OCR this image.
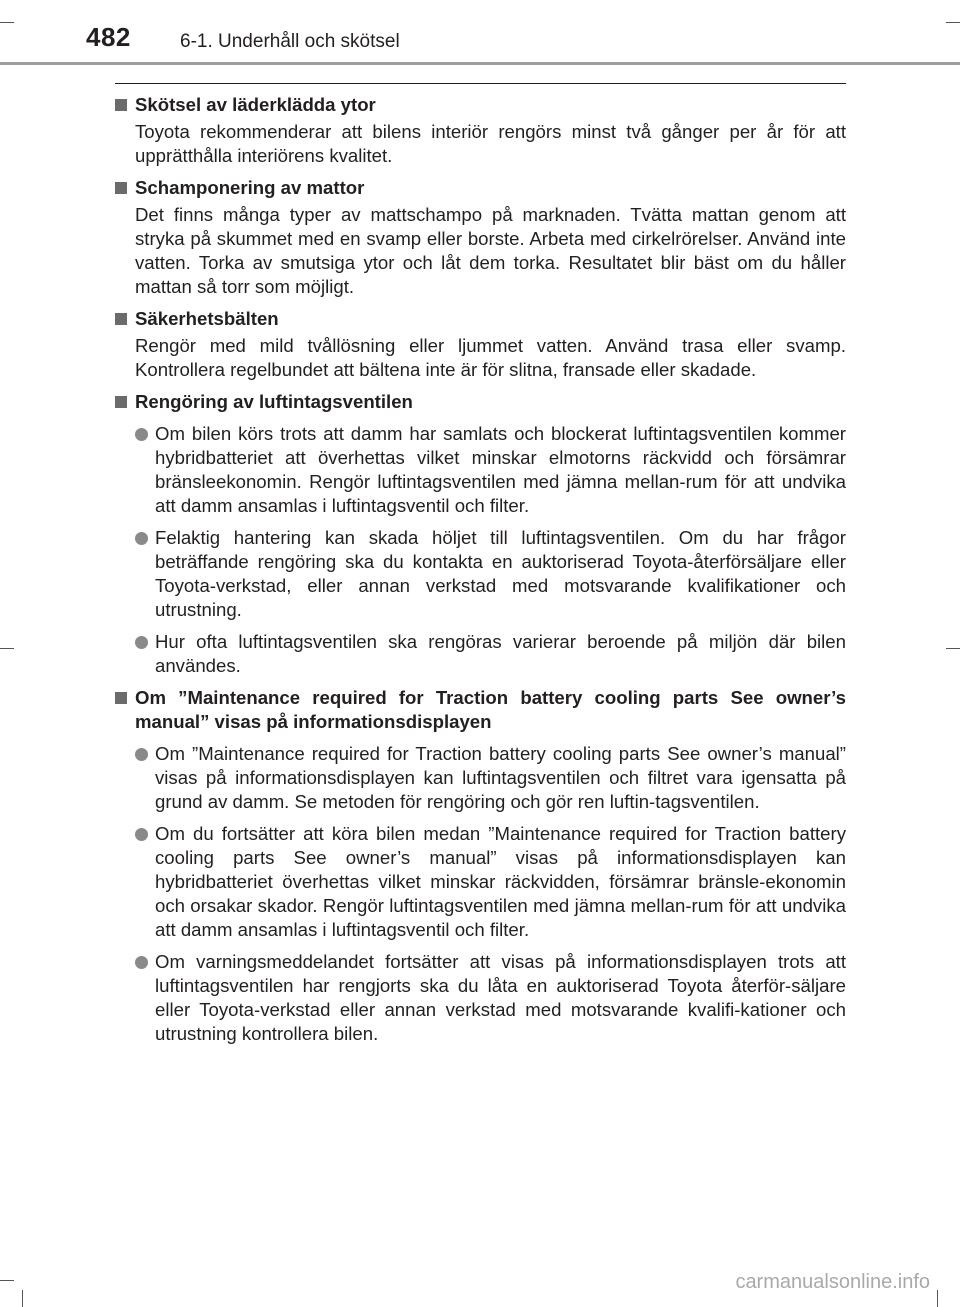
482	6-1. Underhåll och skötsel
Skötsel av läderklädda ytor
Toyota rekommenderar att bilens interiör rengörs minst två gånger per år för att upprätthålla interiörens kvalitet.
Schamponering av mattor
Det finns många typer av mattschampo på marknaden. Tvätta mattan genom att stryka på skummet med en svamp eller borste. Arbeta med cirkelrörelser. Använd inte vatten. Torka av smutsiga ytor och låt dem torka. Resultatet blir bäst om du håller mattan så torr som möjligt.
Säkerhetsbälten
Rengör med mild tvållösning eller ljummet vatten. Använd trasa eller svamp. Kontrollera regelbundet att bältena inte är för slitna, fransade eller skadade.
Rengöring av luftintagsventilen
Om bilen körs trots att damm har samlats och blockerat luftintagsventilen kommer hybridbatteriet att överhettas vilket minskar elmotorns räckvidd och försämrar bränsleekonomin. Rengör luftintagsventilen med jämna mellan-rum för att undvika att damm ansamlas i luftintagsventil och filter.
Felaktig hantering kan skada höljet till luftintagsventilen. Om du har frågor beträffande rengöring ska du kontakta en auktoriserad Toyota-återförsäljare eller Toyota-verkstad, eller annan verkstad med motsvarande kvalifikationer och utrustning.
Hur ofta luftintagsventilen ska rengöras varierar beroende på miljön där bilen användes.
Om ”Maintenance required for Traction battery cooling parts See owner’s manual” visas på informationsdisplayen
Om ”Maintenance required for Traction battery cooling parts See owner’s manual” visas på informationsdisplayen kan luftintagsventilen och filtret vara igensatta på grund av damm. Se metoden för rengöring och gör ren luftin-tagsventilen.
Om du fortsätter att köra bilen medan ”Maintenance required for Traction battery cooling parts See owner’s manual” visas på informationsdisplayen kan hybridbatteriet överhettas vilket minskar räckvidden, försämrar bränsle-ekonomin och orsakar skador. Rengör luftintagsventilen med jämna mellan-rum för att undvika att damm ansamlas i luftintagsventil och filter.
Om varningsmeddelandet fortsätter att visas på informationsdisplayen trots att luftintagsventilen har rengjorts ska du låta en auktoriserad Toyota återför-säljare eller Toyota-verkstad eller annan verkstad med motsvarande kvalifi-kationer och utrustning kontrollera bilen.
carmanualsonline.info
